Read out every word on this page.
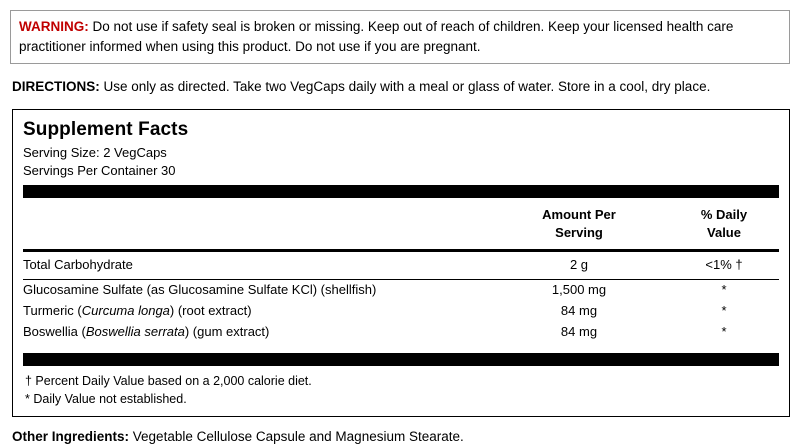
WARNING: Do not use if safety seal is broken or missing. Keep out of reach of children. Keep your licensed health care practitioner informed when using this product. Do not use if you are pregnant.
DIRECTIONS: Use only as directed. Take two VegCaps daily with a meal or glass of water. Store in a cool, dry place.
Supplement Facts
Serving Size: 2 VegCaps
Servings Per Container 30

Amount Per
Serving

% Daily
Value
Total Carbohydrate	2 g	<1% †
Glucosamine Sulfate (as Glucosamine Sulfate KCl) (shellfish)	1,500 mg	*
Turmeric (Curcuma longa) (root extract)	84 mg	*
Boswellia (Boswellia serrata) (gum extract)	84 mg	*
† Percent Daily Value based on a 2,000 calorie diet.
* Daily Value not established.
Other Ingredients: Vegetable Cellulose Capsule and Magnesium Stearate.
